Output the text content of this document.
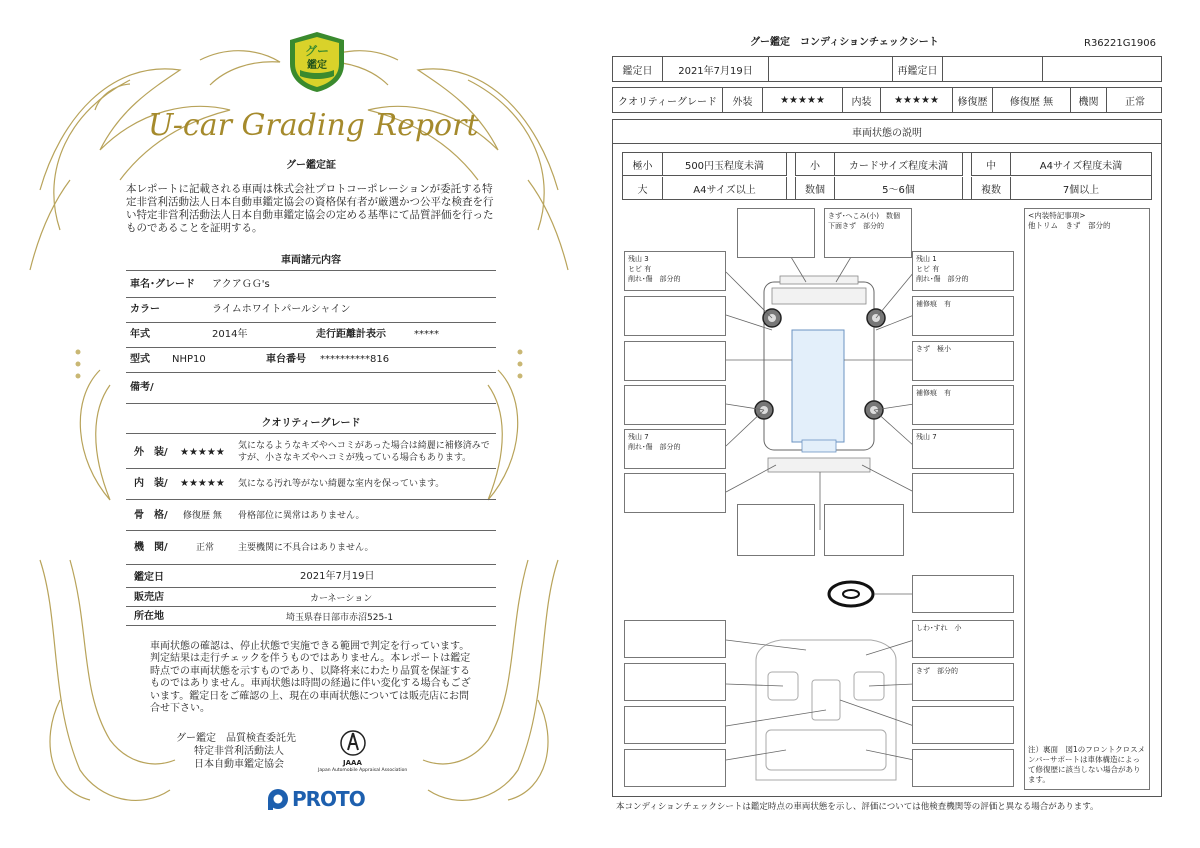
グー
鑑定
U-car Grading Report
グー鑑定証
本レポートに記載される車両は株式会社プロトコーポレーションが委託する特定非営利活動法人日本自動車鑑定協会の資格保有者が厳選かつ公平な検査を行い特定非営利活動法人日本自動車鑑定協会の定める基準にて品質評価を行ったものであることを証明する。
車両諸元内容
車名･グレード アクアＧＧ's
カラー	ライムホワイトパールシャイン
年式	2014年	走行距離計表示	*****
型式 NHP10	車台番号 **********816
備考/
クオリティーグレード
外　装/ ★★★★★
気になるようなキズやヘコミがあった場合は綺麗に補修済みですが、小さなキズやヘコミが残っている場合もあります。
内　装/ ★★★★★ 気になる汚れ等がない綺麗な室内を保っています。
骨　格/ 修復歴 無 骨格部位に異常はありません。
機　関/	正常	主要機関に不具合はありません。
鑑定日	2021年7月19日
販売店	カーネーション
所在地	埼玉県春日部市赤沼525-1
車両状態の確認は、停止状態で実施できる範囲で判定を行っています。判定結果は走行チェックを伴うものではありません。本レポートは鑑定時点での車両状態を示すものであり、以降将来にわたり品質を保証するものではありません。車両状態は時間の経過に伴い変化する場合もございます。鑑定日をご確認の上、現在の車両状態については販売店にお問合せ下さい。
グー鑑定　品質検査委託先
特定非営利活動法人
日本自動車鑑定協会	JAAA
Japan Automobile Appraisal Association
PROTO
グー鑑定　コンディションチェックシート	R36221G1906
鑑定日	2021年7月19日	再鑑定日
クオリティーグレード	外装	★★★★★	内装	★★★★★	修復歴	修復歴 無	機関	正常
車両状態の説明
極小	500円玉程度未満	小	カードサイズ程度未満	中	A4サイズ程度未満
大	A4サイズ以上	数個	5～6個	複数	7個以上
きず･へこみ(小)　数個
下面きず　部分的
残山 3
ヒビ 有
削れ･傷　部分的
残山 7
削れ･傷　部分的
残山 1
ヒビ 有
削れ･傷　部分的
補修痕　有
きず　極小
補修痕　有
残山 7
しわ･すれ　小
きず　部分的
<内装特記事項>
他トリム　きず　部分的
注）裏面　図1のフロントクロスメンバーサポートは車体構造によって修復歴に該当しない場合があります。
本コンディションチェックシートは鑑定時点の車両状態を示し、評価については他検査機関等の評価と異なる場合があります。
